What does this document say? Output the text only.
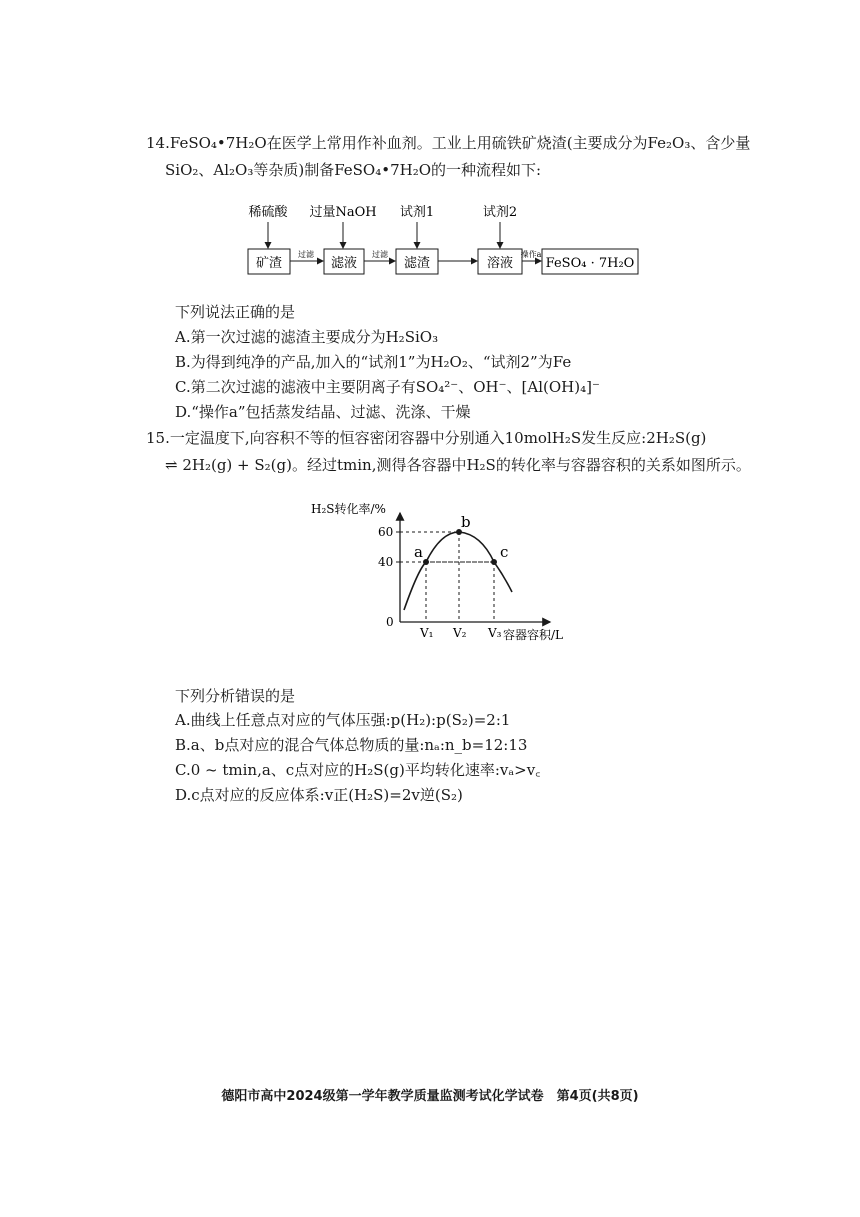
14.FeSO₄•7H₂O在医学上常用作补血剂。工业上用硫铁矿烧渣(主要成分为Fe₂O₃、含少量
SiO₂、Al₂O₃等杂质)制备FeSO₄•7H₂O的一种流程如下:
稀硫酸 过量NaOH 试剂1	试剂2
矿渣	滤液	滤渣	溶液	FeSO₄ · 7H₂O
过滤	过滤	操作a
下列说法正确的是
A.第一次过滤的滤渣主要成分为H₂SiO₃
B.为得到纯净的产品,加入的“试剂1”为H₂O₂、“试剂2”为Fe
C.第二次过滤的滤液中主要阴离子有SO₄²⁻、OH⁻、[Al(OH)₄]⁻
D.“操作a”包括蒸发结晶、过滤、洗涤、干燥
15.一定温度下,向容积不等的恒容密闭容器中分别通入10molH₂S发生反应:2H₂S(g)
⇌ 2H₂(g) + S₂(g)。经过tmin,测得各容器中H₂S的转化率与容器容积的关系如图所示。
H₂S转化率/%
容器容积/L
0
40
60
V₁ V₂ V₃
a
b
c
下列分析错误的是
A.曲线上任意点对应的气体压强:p(H₂):p(S₂)=2:1
B.a、b点对应的混合气体总物质的量:nₐ:n_b=12:13
C.0 ~ tmin,a、c点对应的H₂S(g)平均转化速率:vₐ>v꜀
D.c点对应的反应体系:v正(H₂S)=2v逆(S₂)
德阳市高中2024级第一学年教学质量监测考试化学试卷　第4页(共8页)
